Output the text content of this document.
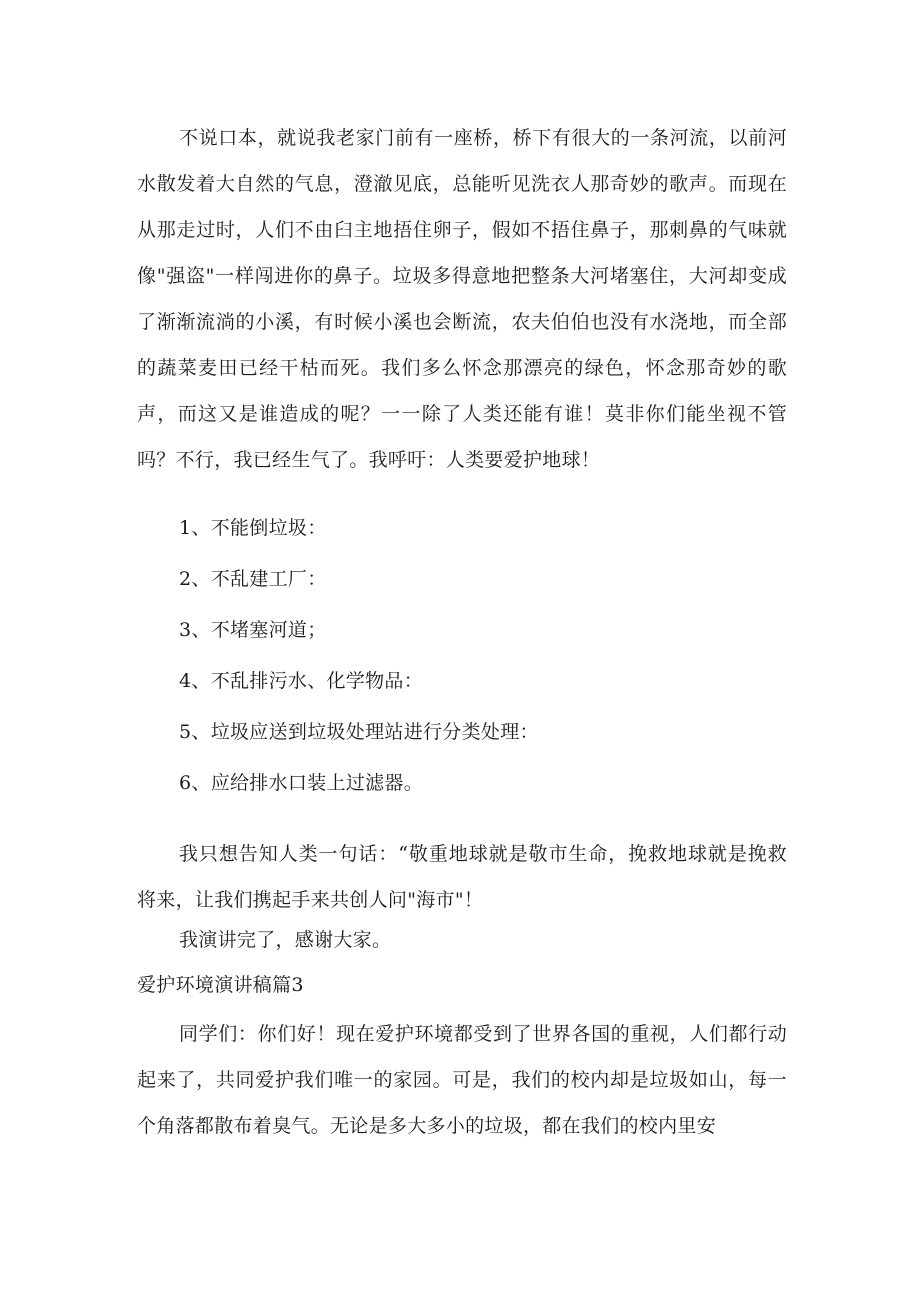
不说口本，就说我老家门前有一座桥，桥下有很大的一条河流，以前河水散发着大自然的气息，澄澈见底，总能听见洗衣人那奇妙的歌声。而现在从那走过时，人们不由臼主地捂住卵子，假如不捂住鼻子，那刺鼻的气味就像"强盗"一样闯进你的鼻子。垃圾多得意地把整条大河堵塞住，大河却变成了渐渐流淌的小溪，有时候小溪也会断流，农夫伯伯也没有水浇地，而全部的蔬菜麦田已经干枯而死。我们多么怀念那漂亮的绿色，怀念那奇妙的歌声，而这又是谁造成的呢？一一除了人类还能有谁！莫非你们能坐视不管吗？不行，我已经生气了。我呼吁：人类要爱护地球！

1、不能倒垃圾：

2、不乱建工厂：

3、不堵塞河道；

4、不乱排污水、化学物品：

5、垃圾应送到垃圾处理站进行分类处理：

6、应给排水口装上过滤器。

我只想告知人类一句话：“敬重地球就是敬市生命，挽救地球就是挽救将来，让我们携起手来共创人问"海市"！

我演讲完了，感谢大家。

爱护环境演讲稿篇3

同学们：你们好！现在爱护环境都受到了世界各国的重视，人们都行动起来了，共同爱护我们唯一的家园。可是，我们的校内却是垃圾如山，每一个角落都散布着臭气。无论是多大多小的垃圾，都在我们的校内里安
